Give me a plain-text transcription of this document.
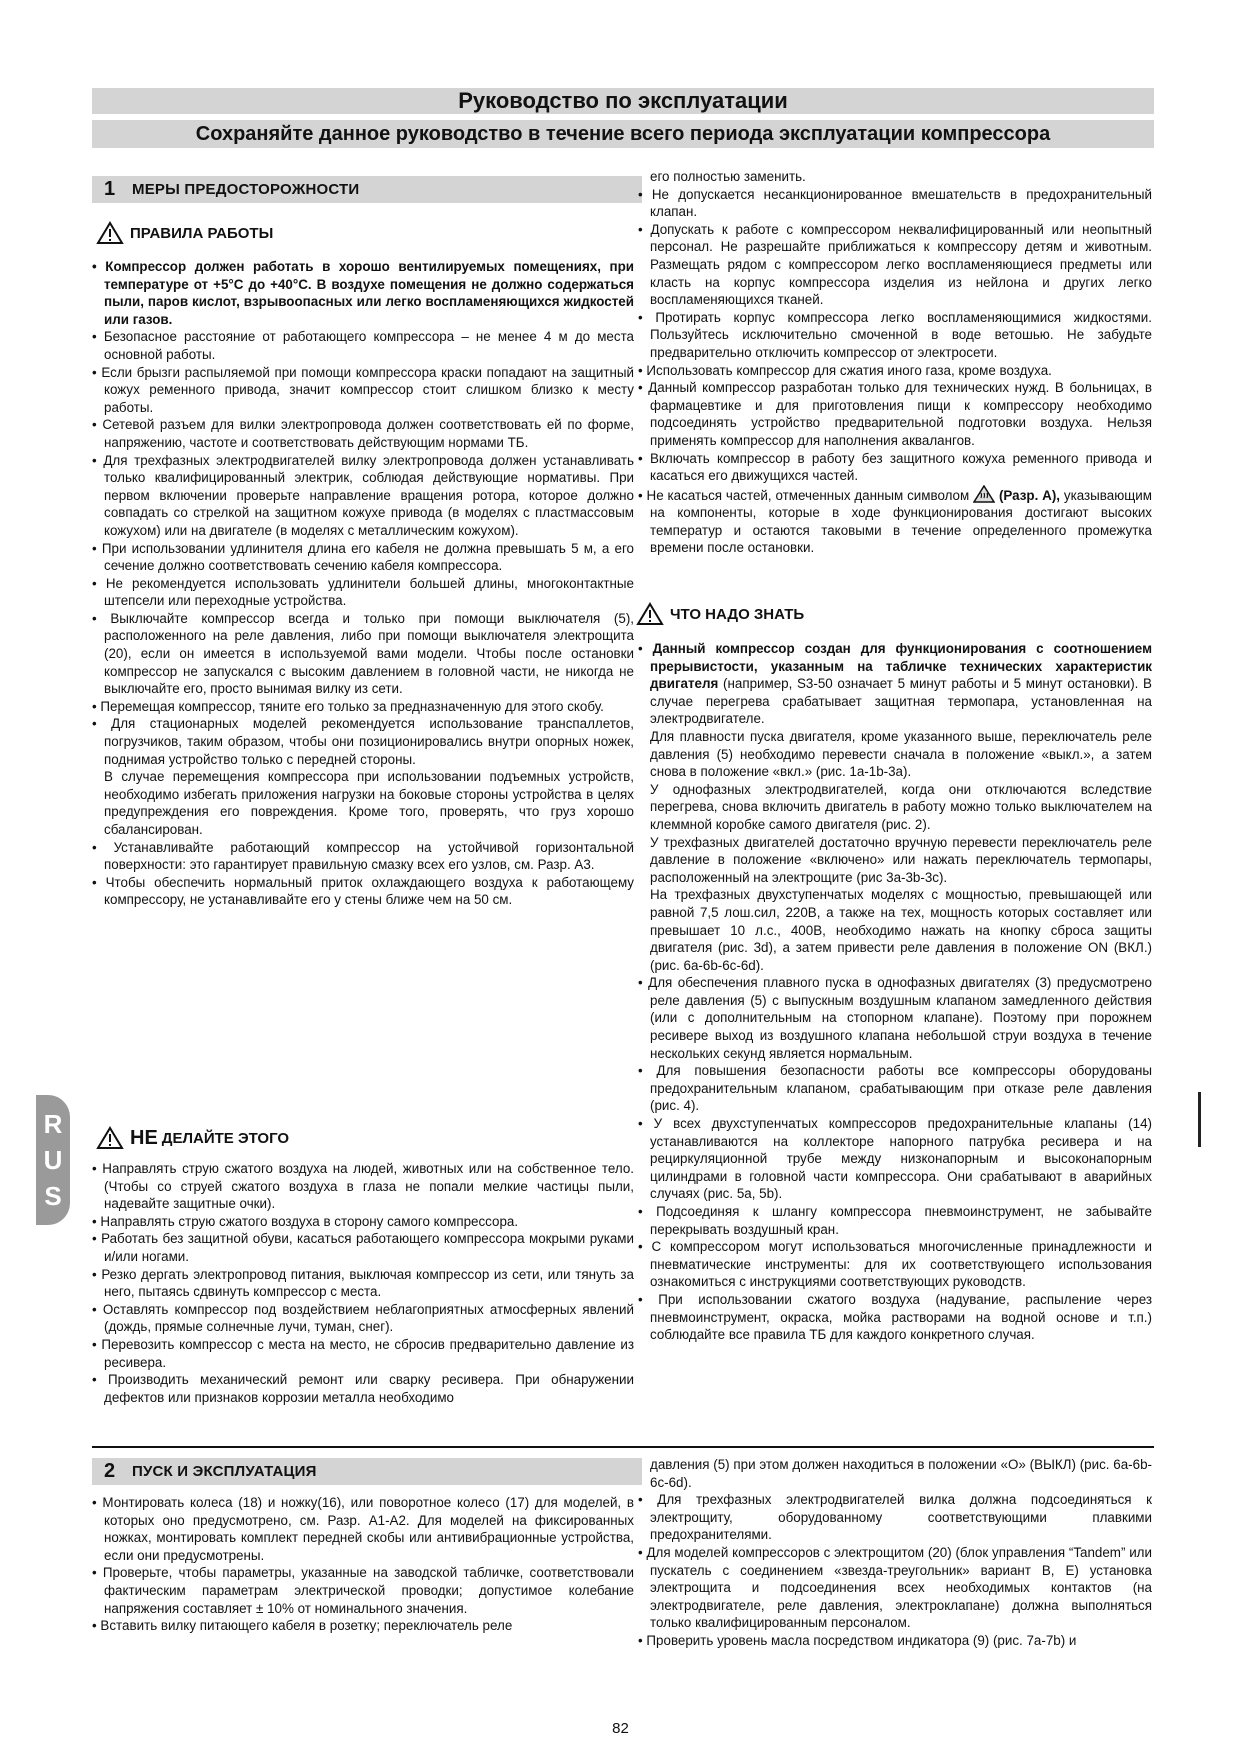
Руководство по эксплуатации
Сохраняйте данное руководство в течение всего периода эксплуатации компрессора
1 МЕРЫ ПРЕДОСТОРОЖНОСТИ
ПРАВИЛА РАБОТЫ

• Компрессор должен работать в хорошо вентилируемых помещениях, при температуре от +5°C до +40°C. В воздухе помещения не должно содержаться пыли, паров кислот, взрывоопасных или легко воспламеняющихся жидкостей или газов.

• Безопасное расстояние от работающего компрессора – не менее 4 м до места основной работы.

• Если брызги распыляемой при помощи компрессора краски попадают на защитный кожух ременного привода, значит компрессор стоит слишком близко к месту работы.

• Сетевой разъем для вилки электропровода должен соответствовать ей по форме, напряжению, частоте и соответствовать действующим нормами ТБ.

• Для трехфазных электродвигателей вилку электропровода должен устанавливать только квалифицированный электрик, соблюдая действующие нормативы. При первом включении проверьте направление вращения ротора, которое должно совпадать со стрелкой на защитном кожухе привода (в моделях с пластмассовым кожухом) или на двигателе (в моделях с металлическим кожухом).

• При использовании удлинителя длина его кабеля не должна превышать 5 м, а его сечение должно соответствовать сечению кабеля компрессора.

• Не рекомендуется использовать удлинители большей длины, многоконтактные штепсели или переходные устройства.

• Выключайте компрессор всегда и только при помощи выключателя (5), расположенного на реле давления, либо при помощи выключателя электрощита (20), если он имеется в используемой вами модели. Чтобы после остановки компрессор не запускался с высоким давлением в головной части, не никогда не выключайте его, просто вынимая вилку из сети.

• Перемещая компрессор, тяните его только за предназначенную для этого скобу.

• Для стационарных моделей рекомендуется использование транспаллетов, погрузчиков, таким образом, чтобы они позиционировались внутри опорных ножек, поднимая устройство только с передней стороны.

В случае перемещения компрессора при использовании подъемных устройств, необходимо избегать приложения нагрузки на боковые стороны устройства в целях предупреждения его повреждения. Кроме того, проверять, что груз хорошо сбалансирован.

• Устанавливайте работающий компрессор на устойчивой горизонтальной поверхности: это гарантирует правильную смазку всех его узлов, см. Разр. А3.

• Чтобы обеспечить нормальный приток охлаждающего воздуха к работающему компрессору, не устанавливайте его у стены ближе чем на 50 см.

НЕ ДЕЛАЙТЕ ЭТОГО

• Направлять струю сжатого воздуха на людей, животных или на собственное тело. (Чтобы со струей сжатого воздуха в глаза не попали мелкие частицы пыли, надевайте защитные очки).

• Направлять струю сжатого воздуха в сторону самого компрессора.

• Работать без защитной обуви, касаться работающего компрессора мокрыми руками и/или ногами.

• Резко дергать электропровод питания, выключая компрессор из сети, или тянуть за него, пытаясь сдвинуть компрессор с места.

• Оставлять компрессор под воздействием неблагоприятных атмосферных явлений (дождь, прямые солнечные лучи, туман, снег).

• Перевозить компрессор с места на место, не сбросив предварительно давление из ресивера.

• Производить механический ремонт или сварку ресивера. При обнаружении дефектов или признаков коррозии металла необходимо

его полностью заменить.

• Не допускается несанкционированное вмешательств в предохранительный клапан.

• Допускать к работе с компрессором неквалифицированный или неопытный персонал. Не разрешайте приближаться к компрессору детям и животным. Размещать рядом с компрессором легко воспламеняющиеся предметы или класть на корпус компрессора изделия из нейлона и других легко воспламеняющихся тканей.

• Протирать корпус компрессора легко воспламеняющимися жидкостями. Пользуйтесь исключительно смоченной в воде ветошью. Не забудьте предварительно отключить компрессор от электросети.

• Использовать компрессор для сжатия иного газа, кроме воздуха.

• Данный компрессор разработан только для технических нужд. В больницах, в фармацевтике и для приготовления пищи к компрессору необходимо подсоединять устройство предварительной подготовки воздуха. Нельзя применять компрессор для наполнения аквалангов.

• Включать компрессор в работу без защитного кожуха ременного привода и касаться его движущихся частей.

• Не касаться частей, отмеченных данным символом (Разр. А), указывающим на компоненты, которые в ходе функционирования достигают высоких температур и остаются таковыми в течение определенного промежутка времени после остановки.

ЧТО НАДО ЗНАТЬ

• Данный компрессор создан для функционирования с соотношением прерывистости, указанным на табличке технических характеристик двигателя (например, S3-50 означает 5 минут работы и 5 минут остановки). В случае перегрева срабатывает защитная термопара, установленная на электродвигателе.

Для плавности пуска двигателя, кроме указанного выше, переключатель реле давления (5) необходимо перевести сначала в положение «выкл.», а затем снова в положение «вкл.» (рис. 1a-1b-3a).

У однофазных электродвигателей, когда они отключаются вследствие перегрева, снова включить двигатель в работу можно только выключателем на клеммной коробке самого двигателя (рис. 2).

У трехфазных двигателей достаточно вручную перевести переключатель реле давление в положение «включено» или нажать переключатель термопары, расположенный на электрощите (рис 3a-3b-3c).

На трехфазных двухступенчатых моделях с мощностью, превышающей или равной 7,5 лош.сил, 220В, а также на тех, мощность которых составляет или превышает 10 л.с., 400В, необходимо нажать на кнопку сброса защиты двигателя (рис. 3d), а затем привести реле давления в положение ON (ВКЛ.) (рис. 6a-6b-6c-6d).

• Для обеспечения плавного пуска в однофазных двигателях (3) предусмотрено реле давления (5) с выпускным воздушным клапаном замедленного действия (или с дополнительным на стопорном клапане). Поэтому при порожнем ресивере выход из воздушного клапана небольшой струи воздуха в течение нескольких секунд является нормальным.

• Для повышения безопасности работы все компрессоры оборудованы предохранительным клапаном, срабатывающим при отказе реле давления (рис. 4).

• У всех двухступенчатых компрессоров предохранительные клапаны (14) устанавливаются на коллекторе напорного патрубка ресивера и на рециркуляционной трубе между низконапорным и высоконапорным цилиндрами в головной части компрессора. Они срабатывают в аварийных случаях (рис. 5a, 5b).

• Подсоединяя к шлангу компрессора пневмоинструмент, не забывайте перекрывать воздушный кран.

• С компрессором могут использоваться многочисленные принадлежности и пневматические инструменты: для их соответствующего использования ознакомиться с инструкциями соответствующих руководств.

• При использовании сжатого воздуха (надувание, распыление через пневмоинструмент, окраска, мойка растворами на водной основе и т.п.) соблюдайте все правила ТБ для каждого конкретного случая.

2 ПУСК И ЭКСПЛУАТАЦИЯ

• Монтировать колеса (18) и ножку(16), или поворотное колесо (17) для моделей, в которых оно предусмотрено, см. Разр. А1-А2. Для моделей на фиксированных ножках, монтировать комплект передней скобы или антивибрационные устройства, если они предусмотрены.

• Проверьте, чтобы параметры, указанные на заводской табличке, соответствовали фактическим параметрам электрической проводки; допустимое колебание напряжения составляет ± 10% от номинального значения.

• Вставить вилку питающего кабеля в розетку; переключатель реле

давления (5) при этом должен находиться в положении «О» (ВЫКЛ) (рис. 6a-6b-6c-6d).

• Для трехфазных электродвигателей вилка должна подсоединяться к электрощиту, оборудованному соответствующими плавкими предохранителями.

• Для моделей компрессоров с электрощитом (20) (блок управления “Tandem” или пускатель с соединением «звезда-треугольник» вариант В, Е) установка электрощита и подсоединения всех необходимых контактов (на электродвигателе, реле давления, электроклапане) должна выполняться только квалифицированным персоналом.

• Проверить уровень масла посредством индикатора (9) (рис. 7a-7b) и

R
U
S
82
